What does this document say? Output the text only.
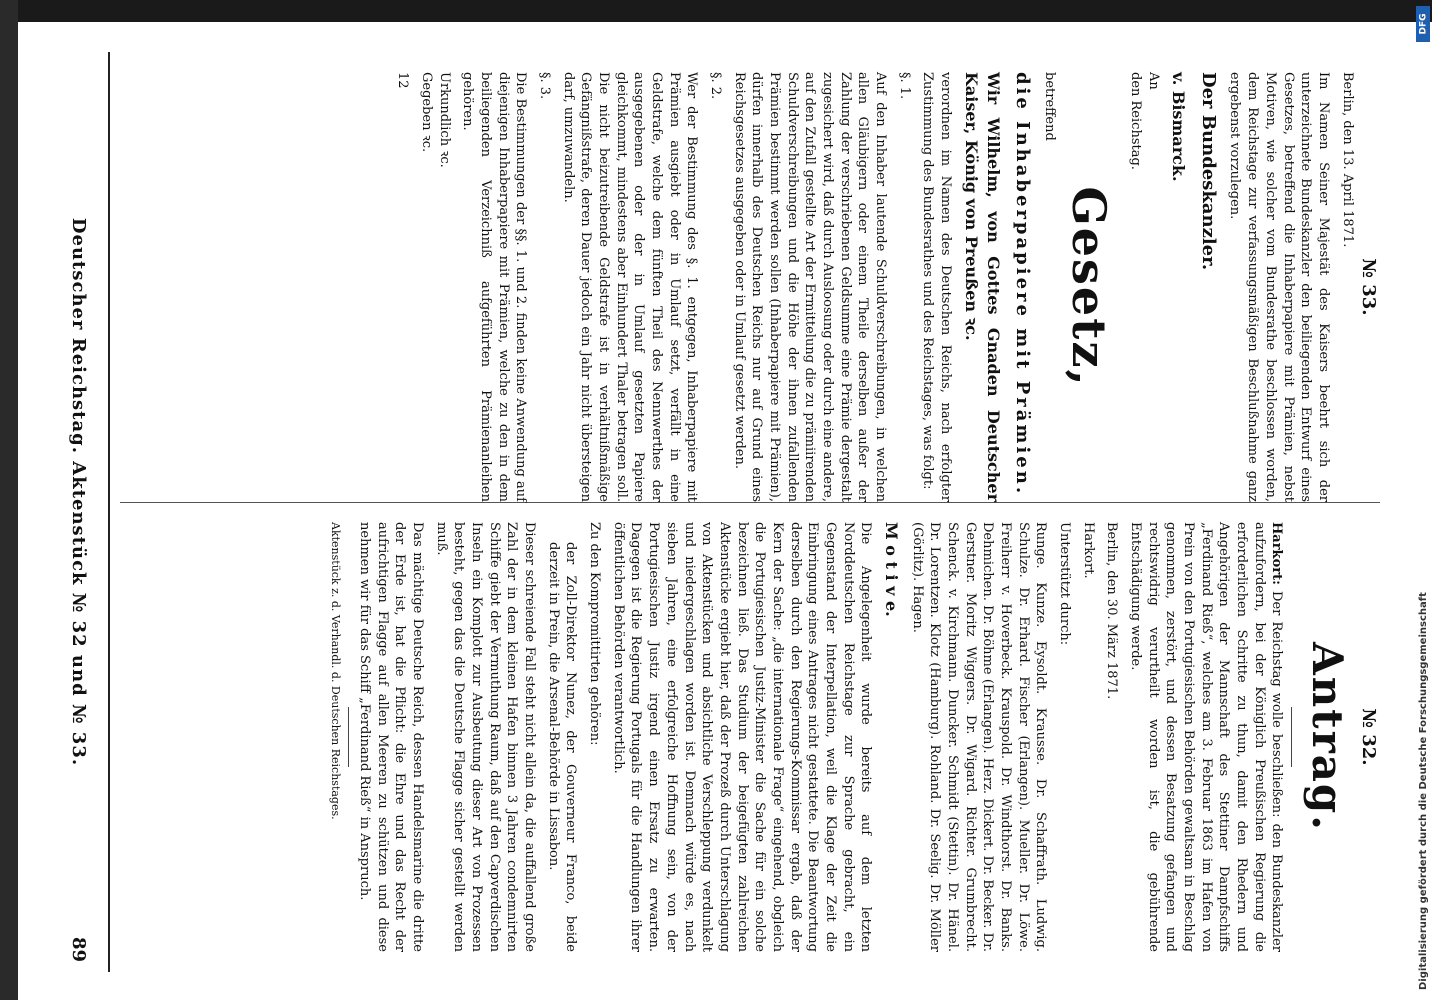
Deutscher Reichstag. Aktenstück № 32 und № 33.
89
№ 33.

Berlin, den 13. April 1871.

Im Namen Seiner Majestät des Kaisers beehrt sich der unterzeichnete Bundeskanzler den beiliegenden Entwurf eines Gesetzes, betreffend die Inhaberpapiere mit Prämien, nebst Motiven, wie solcher vom Bundesrathe beschlossen worden, dem Reichstage zur verfassungsmäßigen Beschlußnahme ganz ergebenst vorzulegen.

Der Bundeskanzler.

v. Bismarck.

An

den Reichstag.

Gesetz,

betreffend

die Inhaberpapiere mit Prämien.

Wir Wilhelm, von Gottes Gnaden Deutscher Kaiser, König von Preußen ꝛc.

verordnen im Namen des Deutschen Reichs, nach erfolgter Zustimmung des Bundesrathes und des Reichstages, was folgt:

§. 1.

Auf den Inhaber lautende Schuldverschreibungen, in welchen allen Gläubigern oder einem Theile derselben außer der Zahlung der verschriebenen Geldsumme eine Prämie dergestalt zugesichert wird, daß durch Ausloosung oder durch eine andere, auf den Zufall gestellte Art der Ermittelung die zu prämiirenden Schuldverschreibungen und die Höhe der ihnen zufallenden Prämien bestimmt werden sollen (Inhaberpapiere mit Prämien), dürfen innerhalb des Deutschen Reichs nur auf Grund eines Reichsgesetzes ausgegeben oder in Umlauf gesetzt werden.

§. 2.

Wer der Bestimmung des §. 1. entgegen, Inhaberpapiere mit Prämien ausgiebt oder in Umlauf setzt, verfällt in eine Geldstrafe, welche dem fünften Theil des Nennwerthes der ausgegebenen oder der in Umlauf gesetzten Papiere gleichkommt, mindestens aber Einhundert Thaler betragen soll. Die nicht beizutreibende Geldstrafe ist in verhältnißmäßige Gefängnißstrafe, deren Dauer jedoch ein Jahr nicht übersteigen darf, umzuwandeln.

§. 3.

Die Bestimmungen der §§. 1. und 2. finden keine Anwendung auf diejenigen Inhaberpapiere mit Prämien, welche zu den in dem beiliegenden Verzeichniß aufgeführten Prämienanleihen gehören.

Urkundlich ꝛc.

Gegeben ꝛc.

12

№ 32.
Antrag.

Harkort: Der Reichstag wolle beschließen: den Bundeskanzler aufzufordern, bei der Königlich Preußischen Regierung die erforderlichen Schritte zu thun, damit den Rhedern und Angehörigen der Mannschaft des Stettiner Dampfschiffs „Ferdinand Rieß“, welches am 3. Februar 1863 im Hafen von Prein von den Portugiesischen Behörden gewaltsam in Beschlag genommen, zerstört, und dessen Besatzung gefangen und rechtswidrig verurtheilt worden ist, die gebührende Entschädigung werde.

Berlin, den 30. März 1871.

Harkort.

Unterstützt durch:

Runge. Kunze. Eysoldt. Krausse. Dr. Schaffrath. Ludwig. Schulze. Dr. Erhard. Fischer (Erlangen). Mueller. Dr. Löwe. Freiherr v. Hoverbeck. Krauspold. Dr. Windthorst. Dr. Banks. Dehmichen. Dr. Böhme (Erlangen). Herz. Dickert. Dr. Becker. Dr. Gerstner. Moritz Wiggers. Dr. Wigard. Richter. Grumbrecht. Schenck. v. Kirchmann. Duncker. Schmidt (Stettin). Dr. Hänel. Dr. Lorentzen. Klotz (Hamburg). Rohland. Dr. Seelig. Dr. Möller (Görlitz). Hagen.

M o t i v e.

Die Angelegenheit wurde bereits auf dem letzten Norddeutschen Reichstage zur Sprache gebracht, ein Gegenstand der Interpellation, weil die Klage der Zeit die Einbringung eines Antrages nicht gestattete. Die Beantwortung derselben durch den Regierungs-Kommissar ergab, daß der Kern der Sache: „die internationale Frage“ eingehend, obgleich die Portugiesischen Justiz-Minister die Sache für ein solche bezeichnen ließ. Das Studium der beigefügten zahlreichen Aktenstücke ergiebt hier, daß der Prozeß durch Unterschlagung von Aktenstücken und absichtliche Verschleppung verdunkelt und niedergeschlagen worden ist. Demnach würde es, nach sieben Jahren, eine erfolgreiche Hoffnung sein, von der Portugiesischen Justiz irgend einen Ersatz zu erwarten. Dagegen ist die Regierung Portugals für die Handlungen ihrer öffentlichen Behörden verantwortlich.

Zu den Kompromittirten gehören:

der Zoll-Direktor Nunez, der Gouverneur Franco, beide derzeit in Prein, die Arsenal-Behörde in Lissabon.

Dieser schreiende Fall steht nicht allein da, die auffallend große Zahl der in dem kleinen Hafen binnen 3 Jahren condemnirten Schiffe giebt der Vermuthung Raum, daß auf den Capverdischen Inseln ein Komplott zur Ausbeutung dieser Art von Prozessen besteht, gegen das die Deutsche Flagge sicher gestellt werden muß.

Das mächtige Deutsche Reich, dessen Handelsmarine die dritte der Erde ist, hat die Pflicht: die Ehre und das Recht der aufrichtigen Flagge auf allen Meeren zu schützen und diese nehmen wir für das Schiff „Ferdinand Rieß“ in Anspruch.

Aktenstück z. d. Verhandl. d. Deutschen Reichstages.

DFG
Digitalisierung gefördert durch die Deutsche Forschungsgemeinschaft
